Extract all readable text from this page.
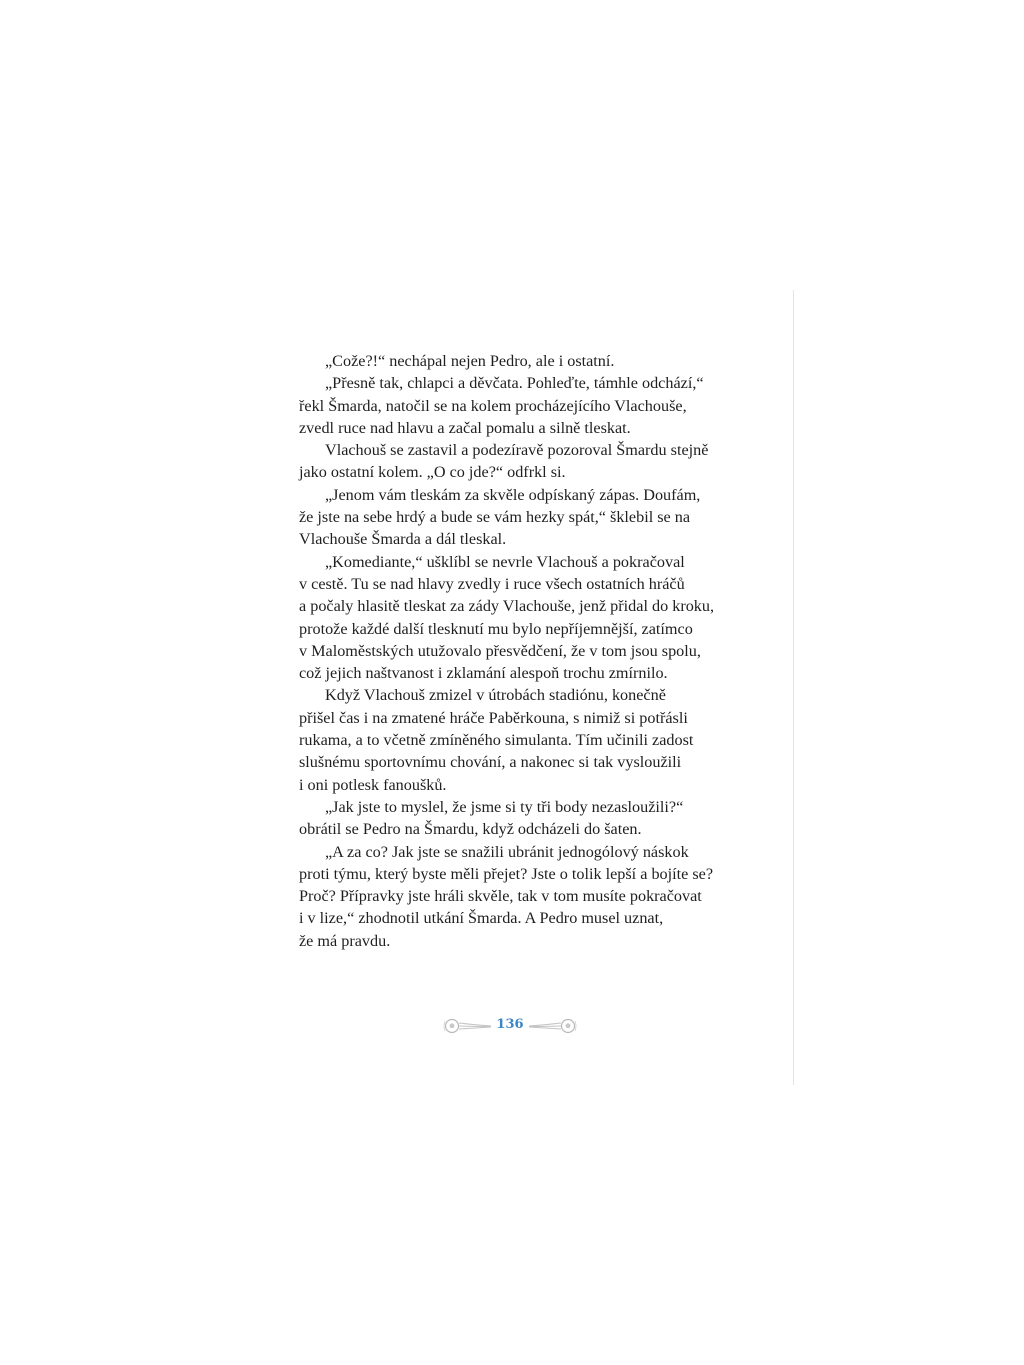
„Cože?!“ nechápal nejen Pedro, ale i ostatní.
„Přesně tak, chlapci a děvčata. Pohleďte, támhle odchází,“
řekl Šmarda, natočil se na kolem procházejícího Vlachouše,
zvedl ruce nad hlavu a začal pomalu a silně tleskat.
Vlachouš se zastavil a podezíravě pozoroval Šmardu stejně
jako ostatní kolem. „O co jde?“ odfrkl si.
„Jenom vám tleskám za skvěle odpískaný zápas. Doufám,
že jste na sebe hrdý a bude se vám hezky spát,“ šklebil se na
Vlachouše Šmarda a dál tleskal.
„Komediante,“ ušklíbl se nevrle Vlachouš a pokračoval
v cestě. Tu se nad hlavy zvedly i ruce všech ostatních hráčů
a počaly hlasitě tleskat za zády Vlachouše, jenž přidal do kroku,
protože každé další tlesknutí mu bylo nepříjemnější, zatímco
v Maloměstských utužovalo přesvědčení, že v tom jsou spolu,
což jejich naštvanost i zklamání alespoň trochu zmírnilo.
Když Vlachouš zmizel v útrobách stadiónu, konečně
přišel čas i na zmatené hráče Paběrkouna, s nimiž si potřásli
rukama, a to včetně zmíněného simulanta. Tím učinili zadost
slušnému sportovnímu chování, a nakonec si tak vysloužili
i oni potlesk fanoušků.
„Jak jste to myslel, že jsme si ty tři body nezasloužili?“
obrátil se Pedro na Šmardu, když odcházeli do šaten.
„A za co? Jak jste se snažili ubránit jednogólový náskok
proti týmu, který byste měli přejet? Jste o tolik lepší a bojíte se?
Proč? Přípravky jste hráli skvěle, tak v tom musíte pokračovat
i v lize,“ zhodnotil utkání Šmarda. A Pedro musel uznat,
že má pravdu.
136
